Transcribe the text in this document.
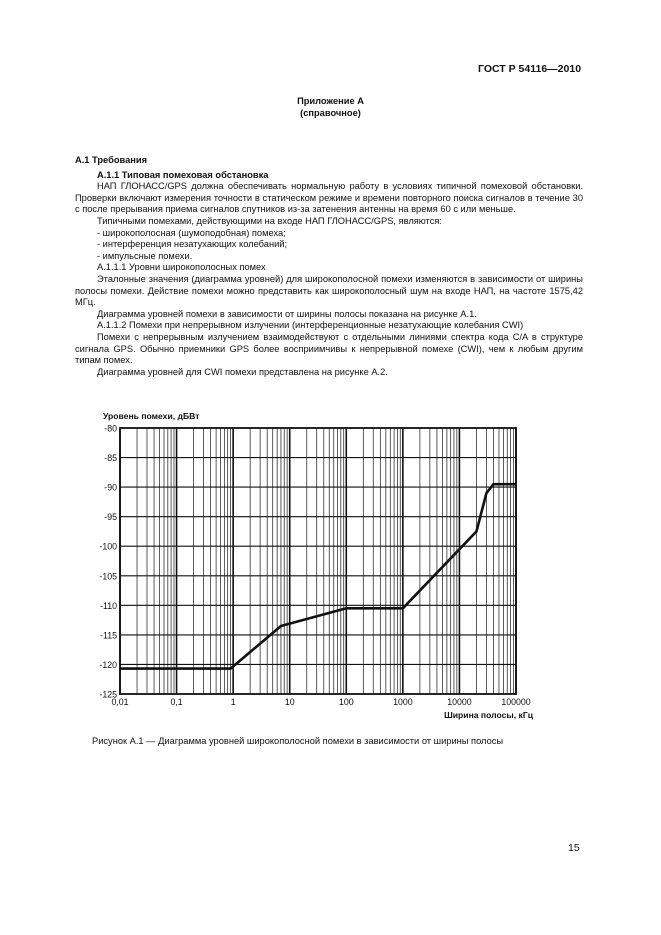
ГОСТ Р 54116—2010
Приложение А
(справочное)

А.1 Требования

А.1.1 Типовая помеховая обстановка

НАП ГЛОНАСС/GPS должна обеспечивать нормальную работу в условиях типичной помеховой обстановки. Проверки включают измерения точности в статическом режиме и времени повторного поиска сигналов в течение 30 с после прерывания приема сигналов спутников из-за затенения антенны на время 60 с или меньше.

Типичными помехами, действующими на входе НАП ГЛОНАСС/GPS, являются:

- широкополосная (шумоподобная) помеха;

- интерференция незатухающих колебаний;

- импульсные помехи.

А.1.1.1 Уровни широкополосных помех

Эталонные значения (диаграмма уровней) для широкополосной помехи изменяются в зависимости от ширины полосы помехи. Действие помехи можно представить как широкополосный шум на входе НАП, на частоте 1575,42 МГц.

Диаграмма уровней помехи в зависимости от ширины полосы показана на рисунке А.1.

А.1.1.2 Помехи при непрерывном излучении (интерференционные незатухающие колебания CWI)

Помехи с непрерывным излучением взаимодействуют с отдельными линиями спектра кода C/A в структуре сигнала GPS. Обычно приемники GPS более восприимчивы к непрерывной помехе (CWI), чем к любым другим типам помех.

Диаграмма уровней для CWI помехи представлена на рисунке А.2.

-80
-85
-90
-95
-100
-105
-110
-115
-120
-125
0,01	0,1	1	10	100	1000	10000	100000
Уровень помехи, дБВт
Ширина полосы, кГц
Рисунок А.1 — Диаграмма уровней широкополосной помехи в зависимости от ширины полосы
15
